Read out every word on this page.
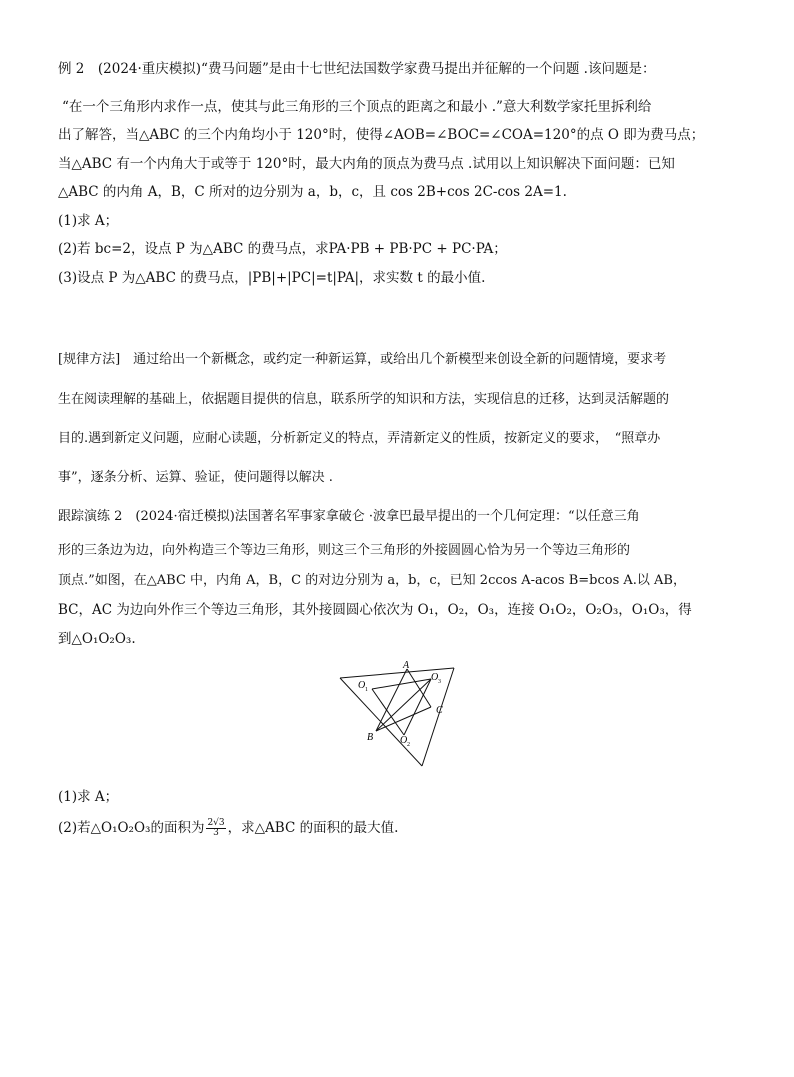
例 2　(2024·重庆模拟)“费马问题”是由十七世纪法国数学家费马提出并征解的一个问题 .该问题是：
“在一个三角形内求作一点，使其与此三角形的三个顶点的距离之和最小 .”意大利数学家托里拆利给
出了解答，当△ABC 的三个内角均小于 120°时，使得∠AOB=∠BOC=∠COA=120°的点 O 即为费马点；
当△ABC 有一个内角大于或等于 120°时，最大内角的顶点为费马点 .试用以上知识解决下面问题：已知
△ABC 的内角 A，B，C 所对的边分别为 a，b，c，且 cos 2B+cos 2C-cos 2A=1.
(1)求 A；
(2)若 bc=2，设点 P 为△ABC 的费马点，求PA·PB + PB·PC + PC·PA；
(3)设点 P 为△ABC 的费马点，|PB|+|PC|=t|PA|，求实数 t 的最小值.
[规律方法]　通过给出一个新概念，或约定一种新运算，或给出几个新模型来创设全新的问题情境，要求考
生在阅读理解的基础上，依据题目提供的信息，联系所学的知识和方法，实现信息的迁移，达到灵活解题的
目的.遇到新定义问题，应耐心读题，分析新定义的特点，弄清新定义的性质，按新定义的要求，　“照章办
事”，逐条分析、运算、验证，使问题得以解决 .
跟踪演练 2　(2024·宿迁模拟)法国著名军事家拿破仑 ·波拿巴最早提出的一个几何定理：“以任意三角
形的三条边为边，向外构造三个等边三角形，则这三个三角形的外接圆圆心恰为另一个等边三角形的
顶点.”如图，在△ABC 中，内角 A，B，C 的对边分别为 a，b，c，已知 2ccos A-acos B=bcos A.以 AB，
BC，AC 为边向外作三个等边三角形，其外接圆圆心依次为 O₁，O₂，O₃，连接 O₁O₂，O₂O₃，O₁O₃，得
到△O₁O₂O₃.
A
B
C
O 1
O 3
O 2
(1)求 A；
(2)若△O₁O₂O₃的面积为 $\frac{2√3}{3}$ ，求△ABC 的面积的最大值.
